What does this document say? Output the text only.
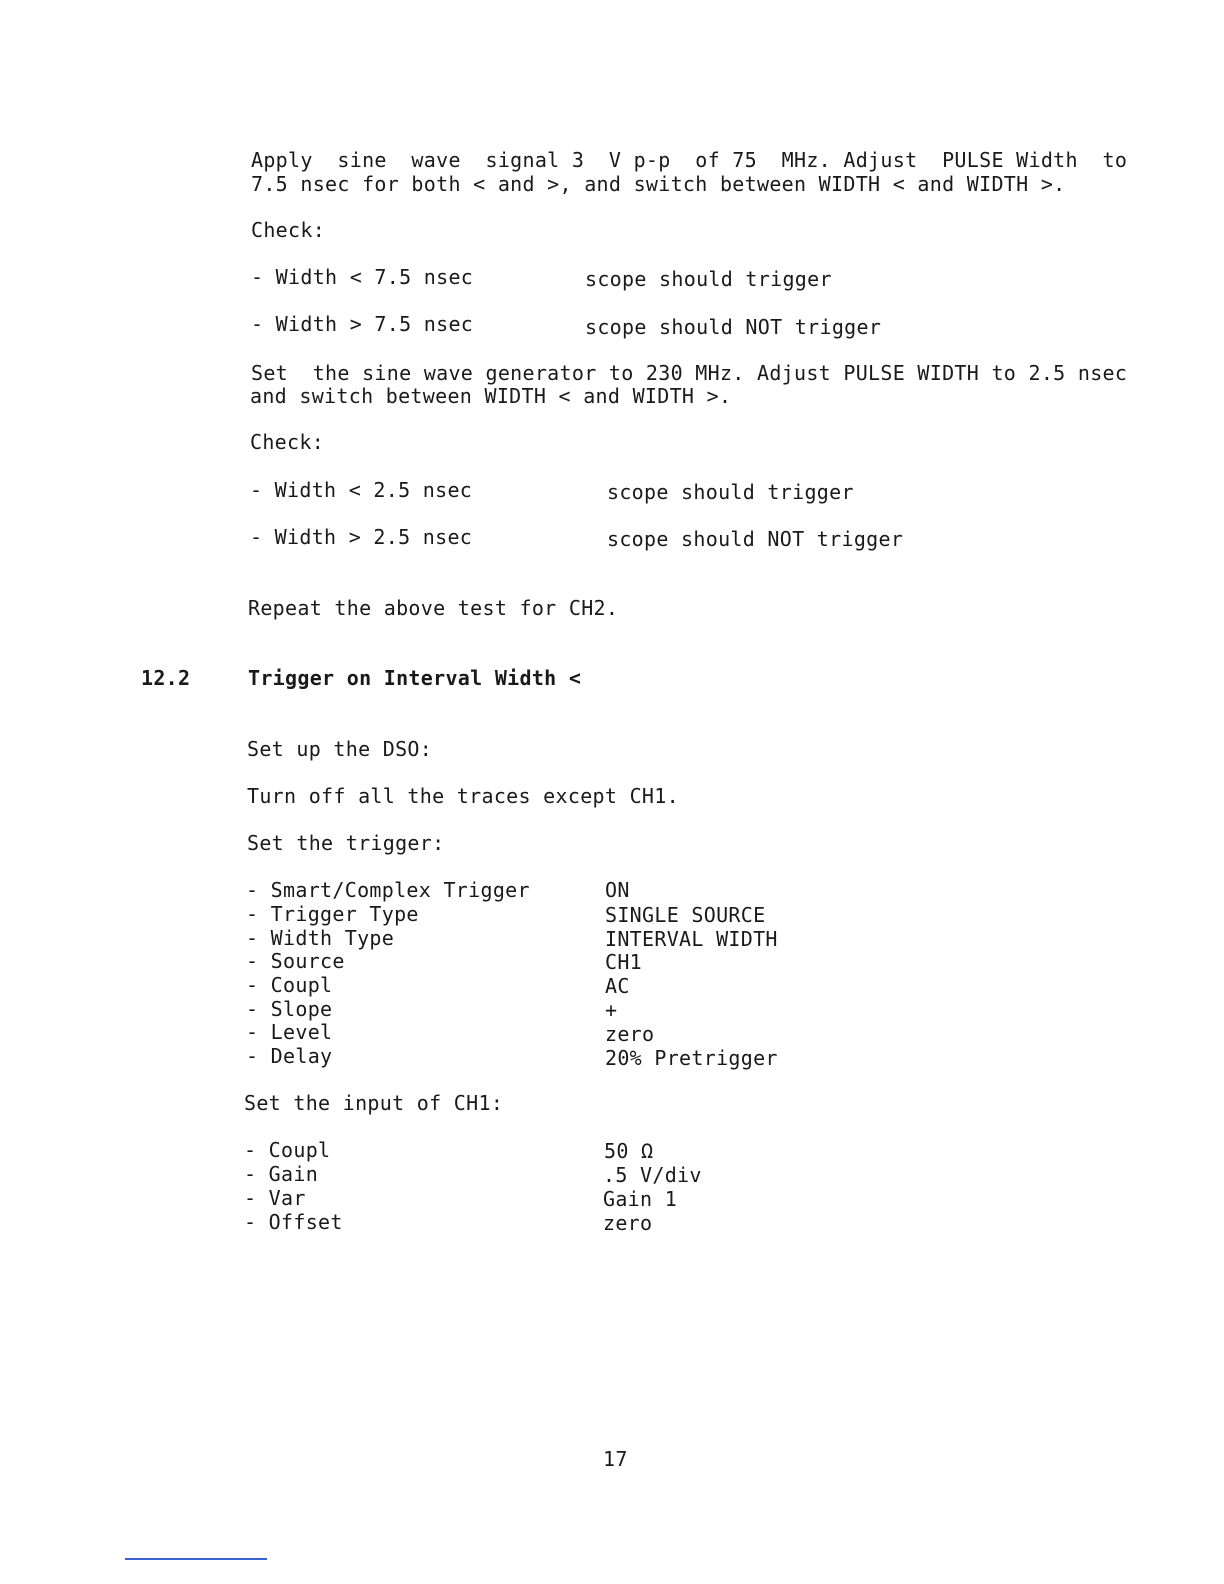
Apply  sine  wave  signal 3  V p-p  of 75  MHz. Adjust  PULSE Width  to
7.5 nsec for both < and >, and switch between WIDTH < and WIDTH >.
Check:
- Width < 7.5 nsec	scope should trigger
- Width > 7.5 nsec	scope should NOT trigger
Set  the sine wave generator to 230 MHz. Adjust PULSE WIDTH to 2.5 nsec
and switch between WIDTH < and WIDTH >.
Check:
- Width < 2.5 nsec	scope should trigger
- Width > 2.5 nsec	scope should NOT trigger
Repeat the above test for CH2.
12.2	Trigger on Interval Width <
Set up the DSO:
Turn off all the traces except CH1.
Set the trigger:
- Smart/Complex Trigger	ON
- Trigger Type	SINGLE SOURCE
- Width Type	INTERVAL WIDTH
- Source	CH1
- Coupl	AC
- Slope	+
- Level	zero
- Delay	20% Pretrigger
Set the input of CH1:
- Coupl	50 Ω
- Gain	.5 V/div
- Var	Gain 1
- Offset	zero
17
